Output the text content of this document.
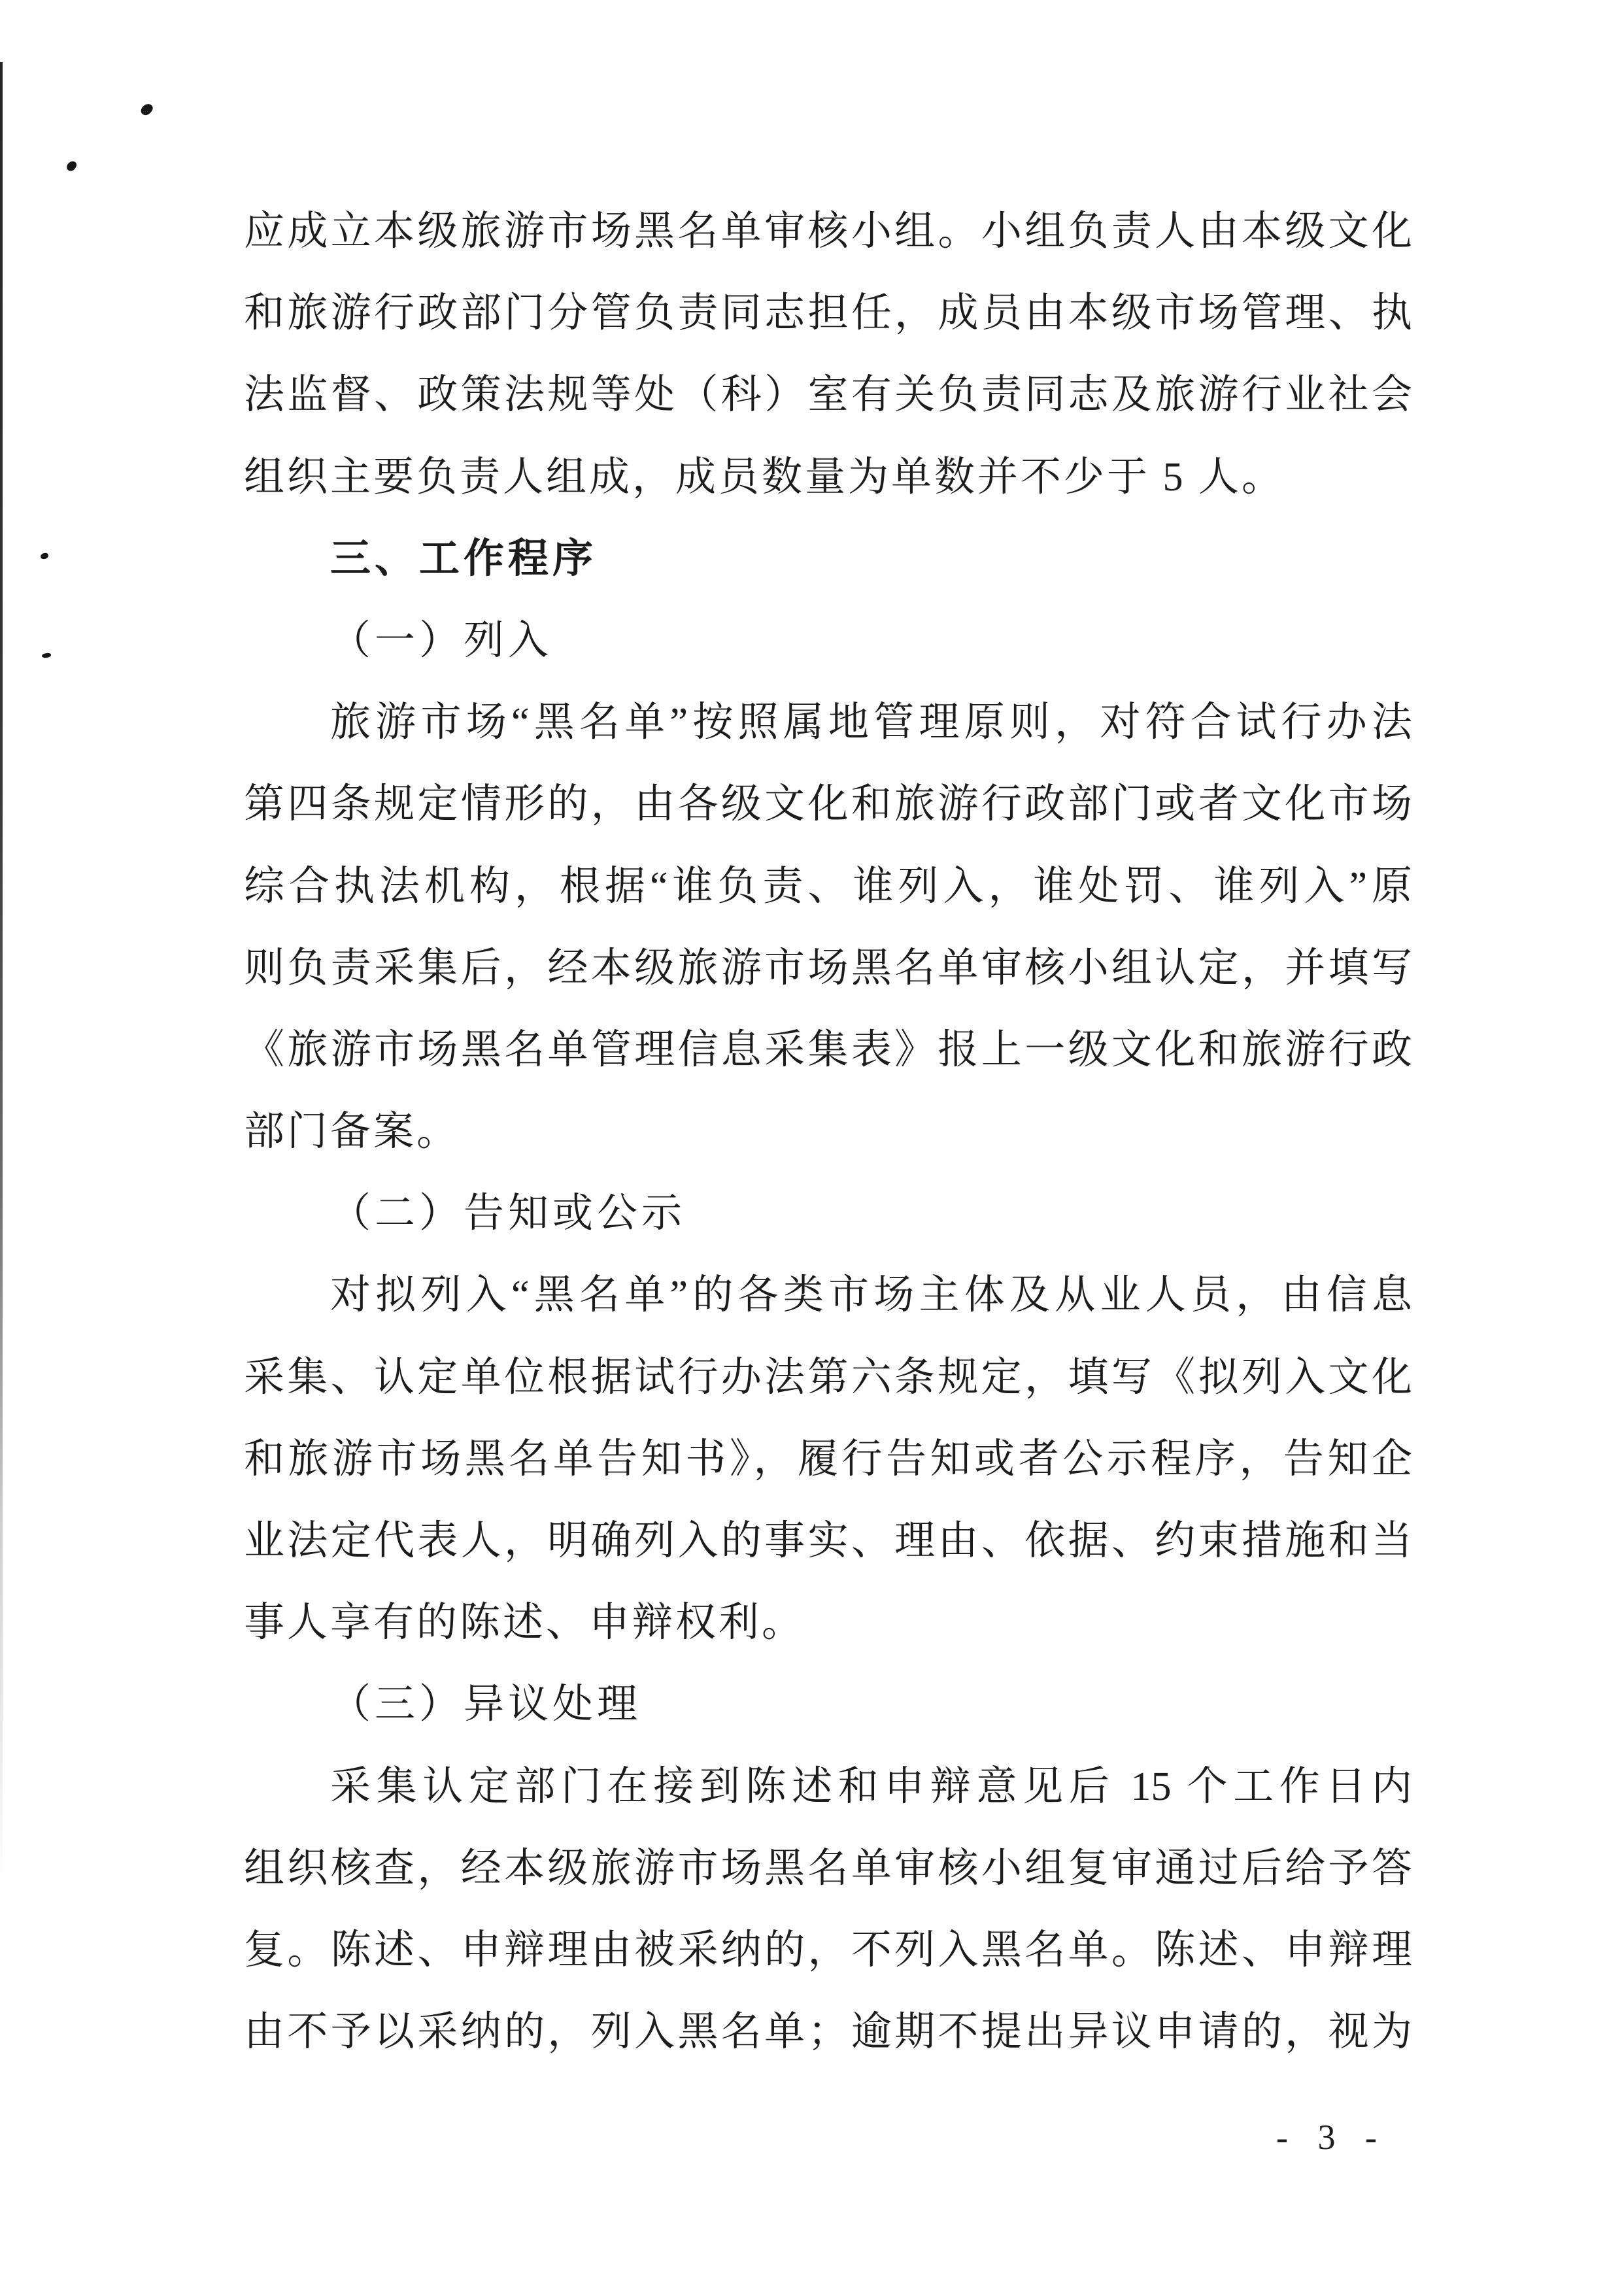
应成立本级旅游市场黑名单审核小组。小组负责人由本级文化
和旅游行政部门分管负责同志担任，成员由本级市场管理、执
法监督、政策法规等处（科）室有关负责同志及旅游行业社会
组织主要负责人组成，成员数量为单数并不少于 5 人。
三、工作程序
（一）列入
旅游市场“黑名单”按照属地管理原则，对符合试行办法
第四条规定情形的，由各级文化和旅游行政部门或者文化市场
综合执法机构，根据“谁负责、谁列入，谁处罚、谁列入”原
则负责采集后，经本级旅游市场黑名单审核小组认定，并填写
《旅游市场黑名单管理信息采集表》报上一级文化和旅游行政
部门备案。
（二）告知或公示
对拟列入“黑名单”的各类市场主体及从业人员，由信息
采集、认定单位根据试行办法第六条规定，填写《拟列入文化
和旅游市场黑名单告知书》，履行告知或者公示程序，告知企
业法定代表人，明确列入的事实、理由、依据、约束措施和当
事人享有的陈述、申辩权利。
（三）异议处理
采集认定部门在接到陈述和申辩意见后 15 个工作日内
组织核查，经本级旅游市场黑名单审核小组复审通过后给予答
复。陈述、申辩理由被采纳的，不列入黑名单。陈述、申辩理
由不予以采纳的，列入黑名单；逾期不提出异议申请的，视为
- 3 -
